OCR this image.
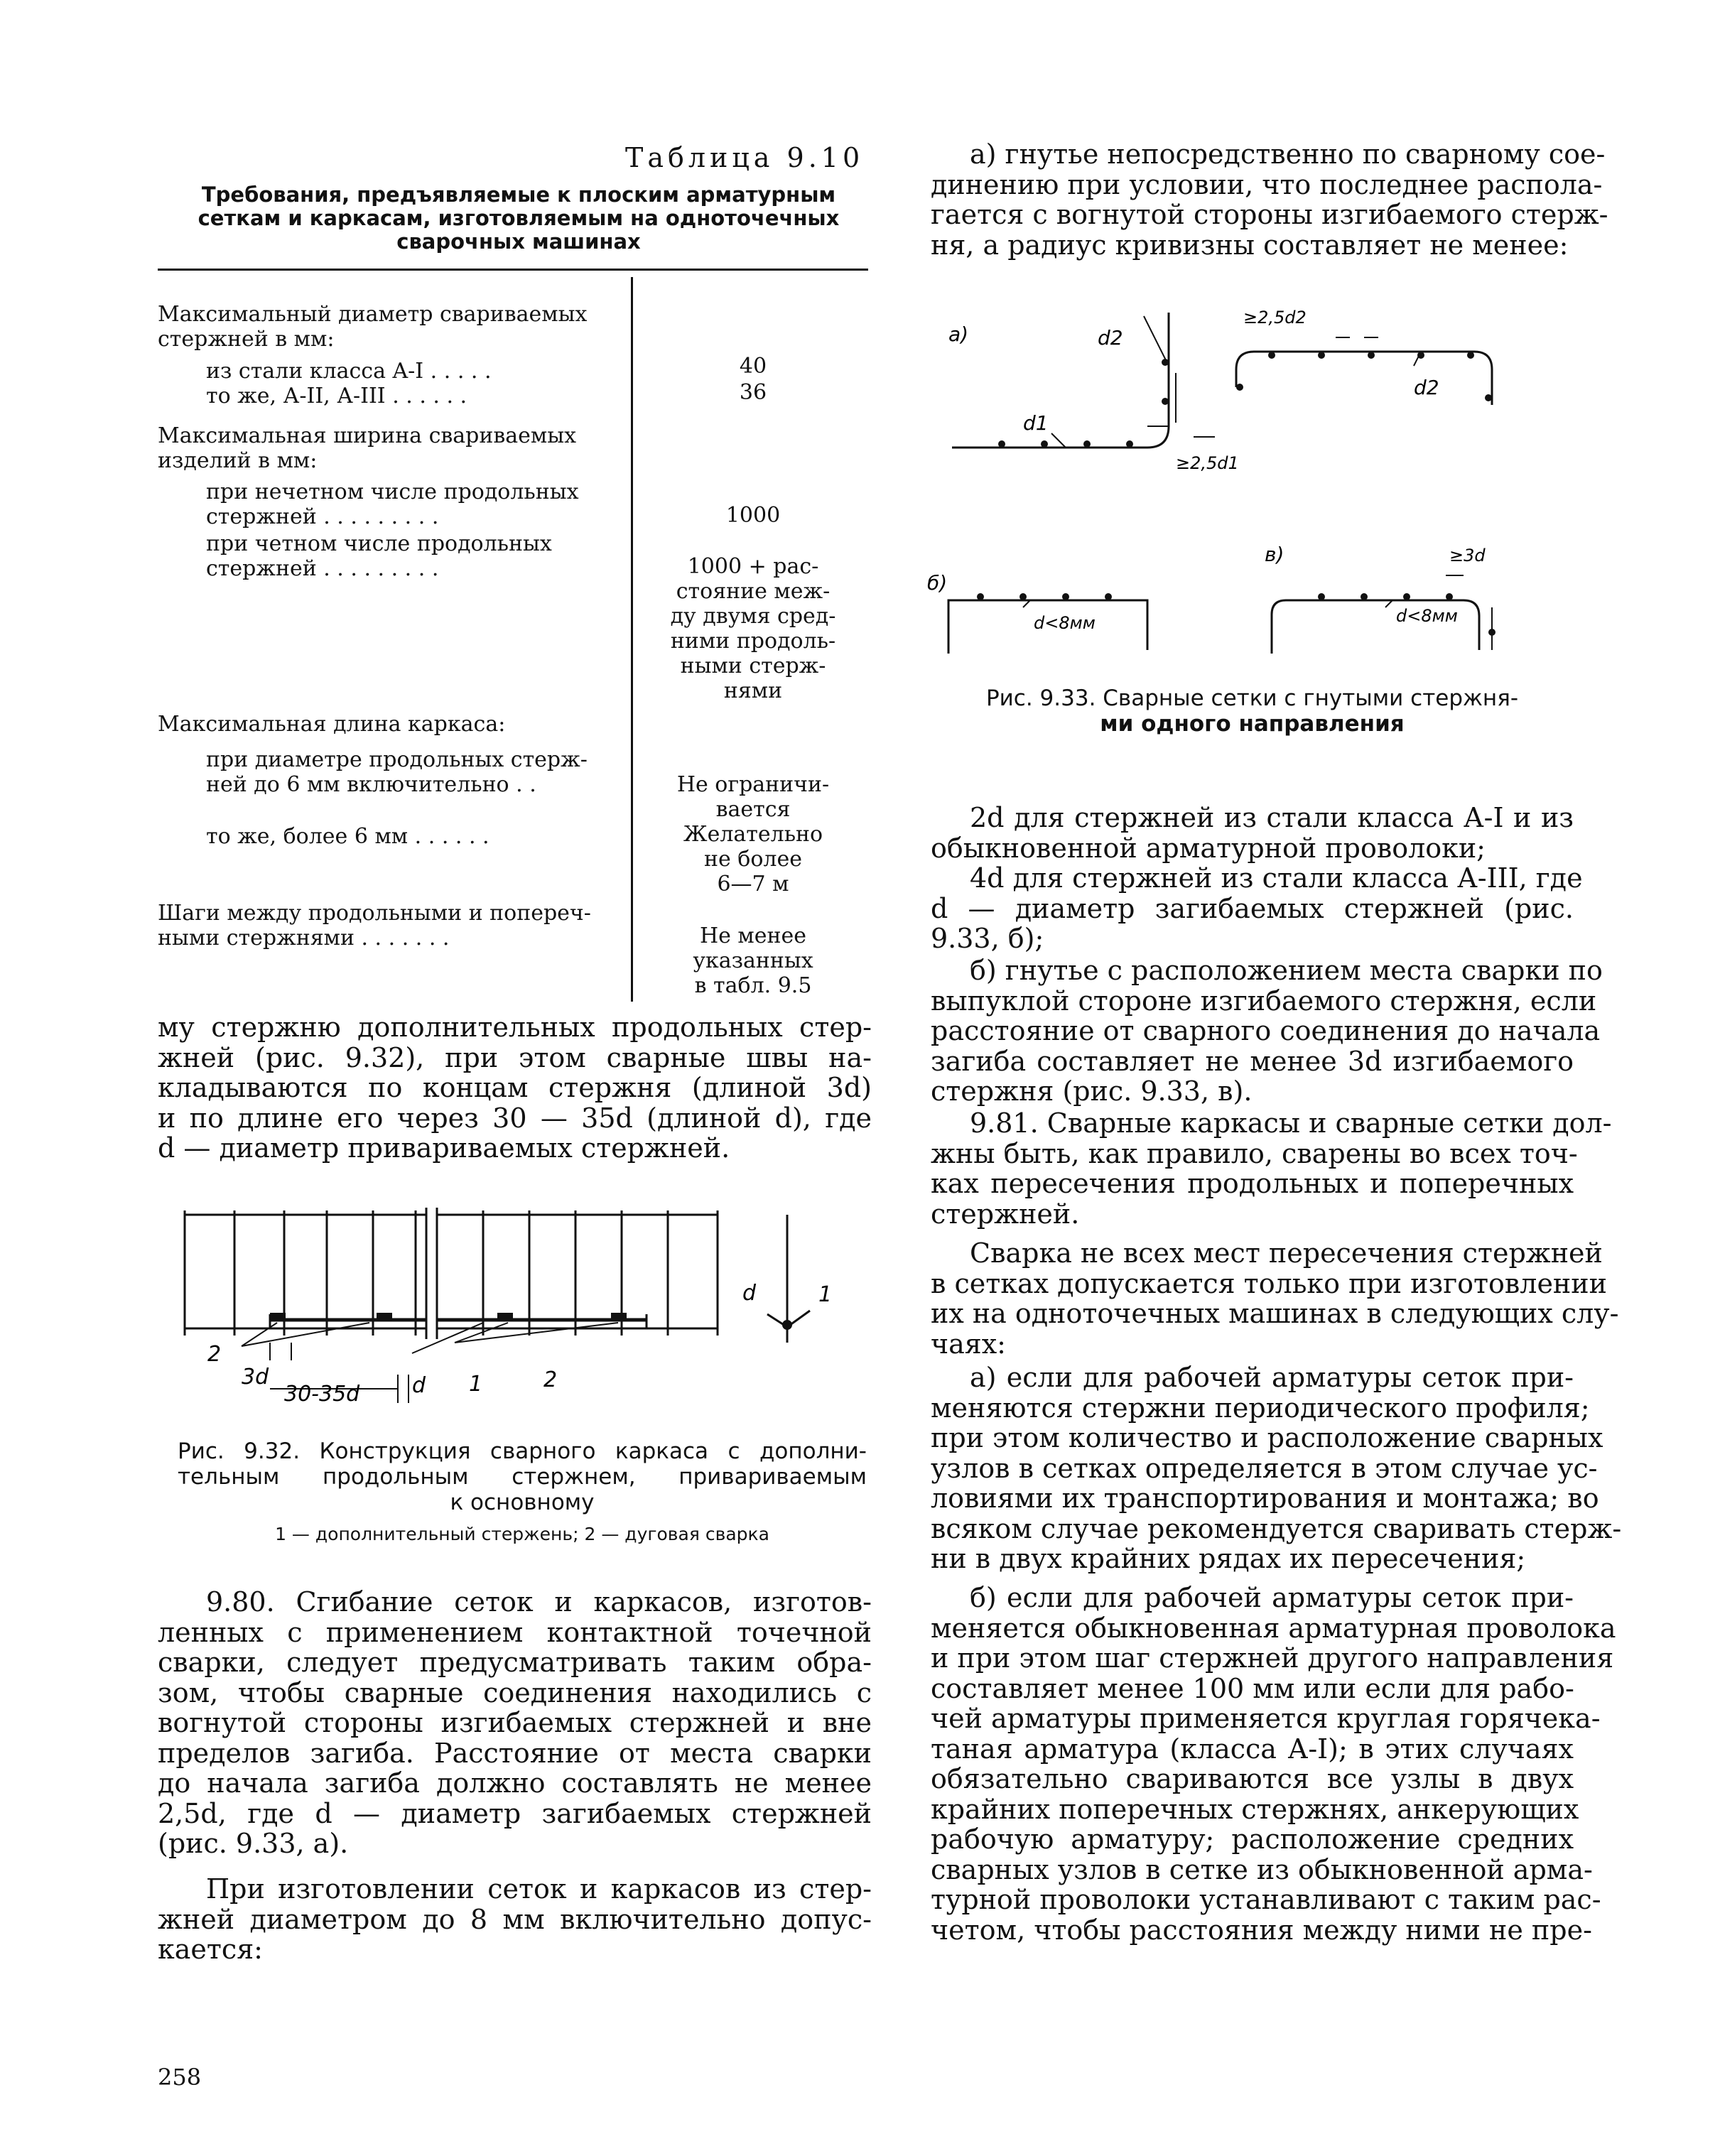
Таблица 9.10
Требования, предъявляемые к плоским арматурным
сеткам и каркасам, изготовляемым на одноточечных
сварочных машинах
Максимальный диаметр свариваемых
стержней в мм:
из стали класса A-I . . . . .	40
то же, А-II, А-III . . . . . .	36
Максимальная ширина свариваемых
изделий в мм:
при нечетном числе продольных
стержней . . . . . . . . .	1000
при четном числе продольных
стержней . . . . . . . . .	1000 + рас-
стояние меж-
ду двумя сред-
ними продоль-
ными стерж-
нями
Максимальная длина каркаса:
при диаметре продольных стерж-
ней до 6 мм включительно . .	Не ограничи-
вается
то же, более 6 мм . . . . . .	Желательно
не более
6—7 м
Шаги между продольными и попереч-
ными стержнями . . . . . . .	Не менее
указанных
в табл. 9.5
му стержню дополнительных продольных стер-
жней (рис. 9.32), при этом сварные швы на-
кладываются по концам стержня (длиной 3d)
и по длине его через 30 — 35d (длиной d), где
d — диаметр привариваемых стержней.
2
3d
30-35d d 1	2
d	1
Рис. 9.32. Конструкция сварного каркаса с дополни-
тельным продольным стержнем, привариваемым
к основному
1 — дополнительный стержень; 2 — дуговая сварка
9.80. Сгибание сеток и каркасов, изготов-
ленных с применением контактной точечной
сварки, следует предусматривать таким обра-
зом, чтобы сварные соединения находились с
вогнутой стороны изгибаемых стержней и вне
пределов загиба. Расстояние от места сварки
до начала загиба должно составлять не менее
2,5d, где d — диаметр загибаемых стержней
(рис. 9.33, а).
При изготовлении сеток и каркасов из стер-
жней диаметром до 8 мм включительно допус-
кается:
258
а) гнутье непосредственно по сварному сое-
динению при условии, что последнее распола-
гается с вогнутой стороны изгибаемого стерж-
ня, а радиус кривизны составляет не менее:
а)
d1
d2
≥2,5d1
≥2,5d2
d2
б)
d<8мм
в)
d<8мм
≥3d
Рис. 9.33. Сварные сетки с гнутыми стержня-
ми одного направления
2d для стержней из стали класса А-I и из
обыкновенной арматурной проволоки;
4d для стержней из стали класса А-III, где
d — диаметр загибаемых стержней (рис.
9.33, б);
б) гнутье с расположением места сварки по
выпуклой стороне изгибаемого стержня, если
расстояние от сварного соединения до начала
загиба составляет не менее 3d изгибаемого
стержня (рис. 9.33, в).
9.81. Сварные каркасы и сварные сетки дол-
жны быть, как правило, сварены во всех точ-
ках пересечения продольных и поперечных
стержней.
Сварка не всех мест пересечения стержней
в сетках допускается только при изготовлении
их на одноточечных машинах в следующих слу-
чаях:
а) если для рабочей арматуры сеток при-
меняются стержни периодического профиля;
при этом количество и расположение сварных
узлов в сетках определяется в этом случае ус-
ловиями их транспортирования и монтажа; во
всяком случае рекомендуется сваривать стерж-
ни в двух крайних рядах их пересечения;
б) если для рабочей арматуры сеток при-
меняется обыкновенная арматурная проволока
и при этом шаг стержней другого направления
составляет менее 100 мм или если для рабо-
чей арматуры применяется круглая горячека-
таная арматура (класса А-I); в этих случаях
обязательно свариваются все узлы в двух
крайних поперечных стержнях, анкерующих
рабочую арматуру; расположение средних
сварных узлов в сетке из обыкновенной арма-
турной проволоки устанавливают с таким рас-
четом, чтобы расстояния между ними не пре-
